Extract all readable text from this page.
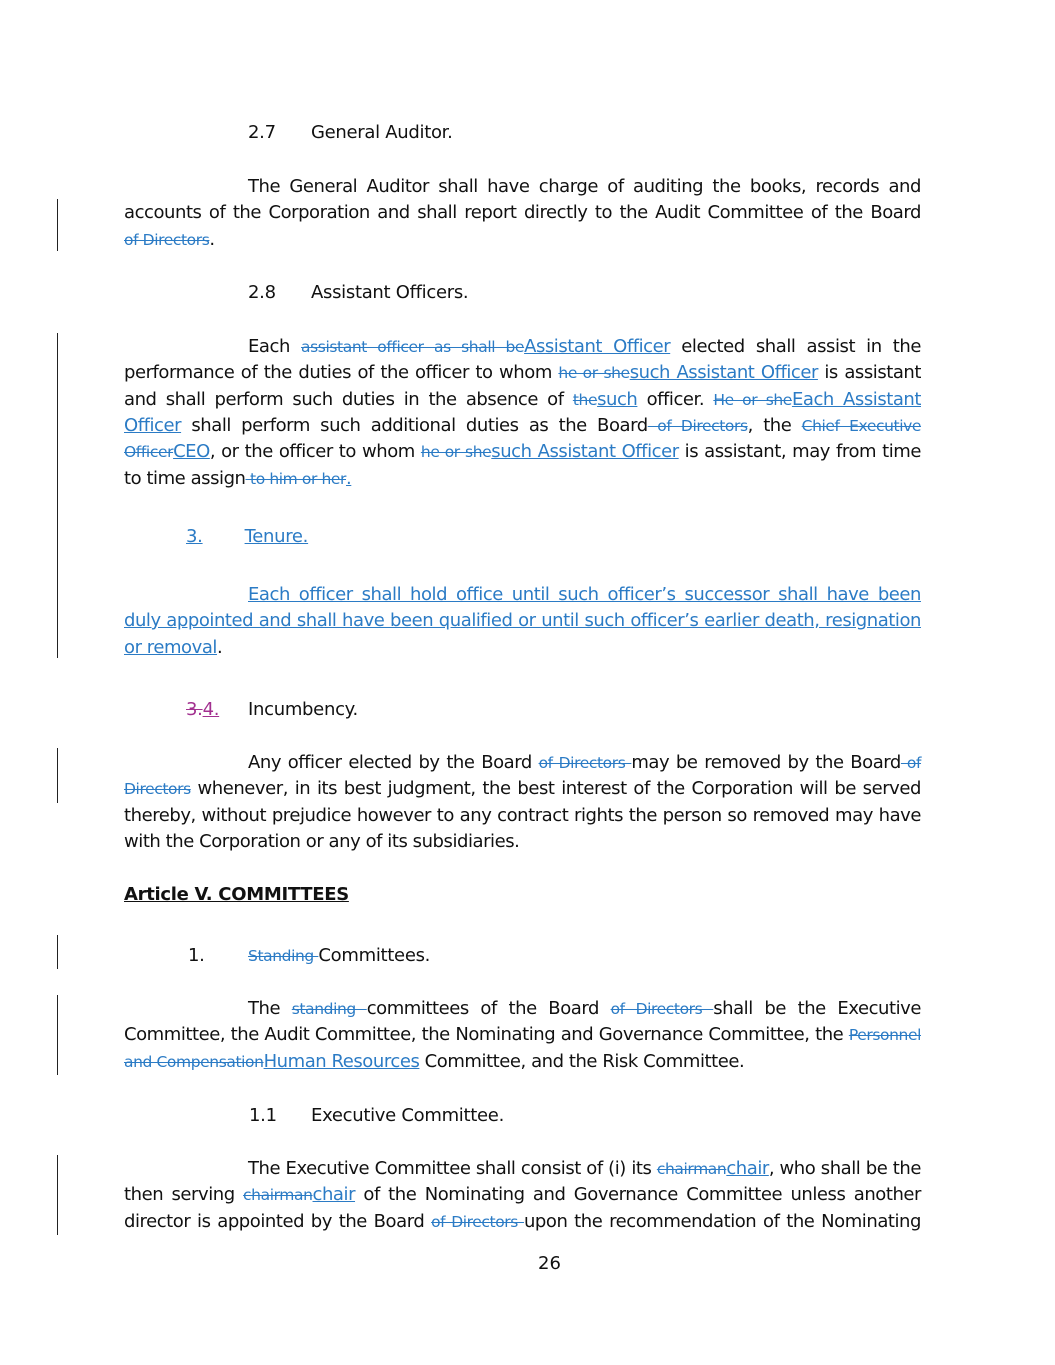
2.7 General Auditor.
The General Auditor shall have charge of auditing the books, records and
accounts of the Corporation and shall report directly to the Audit Committee of the Board
of Directors.
2.8 Assistant Officers.
Each assistant officer as shall beAssistant Officer elected shall assist in the
performance of the duties of the officer to whom he or shesuch Assistant Officer is assistant
and shall perform such duties in the absence of thesuch officer. He or sheEach Assistant
Officer shall perform such additional duties as the Board of Directors, the Chief Executive
OfficerCEO, or the officer to whom he or shesuch Assistant Officer is assistant, may from time
to time assign to him or her.
3. Tenure.
Each officer shall hold office until such officer’s successor shall have been
duly appointed and shall have been qualified or until such officer’s earlier death, resignation
or removal.
3.4.	Incumbency.
Any officer elected by the Board of Directors may be removed by the Board of
Directors whenever, in its best judgment, the best interest of the Corporation will be served
thereby, without prejudice however to any contract rights the person so removed may have
with the Corporation or any of its subsidiaries.
Article V. COMMITTEES
1.	Standing Committees.
The standing committees of the Board of Directors shall be the Executive
Committee, the Audit Committee, the Nominating and Governance Committee, the Personnel
and CompensationHuman Resources Committee, and the Risk Committee.
1.1 Executive Committee.
The Executive Committee shall consist of (i) its chairmanchair, who shall be the
then serving chairmanchair of the Nominating and Governance Committee unless another
director is appointed by the Board of Directors upon the recommendation of the Nominating
26
